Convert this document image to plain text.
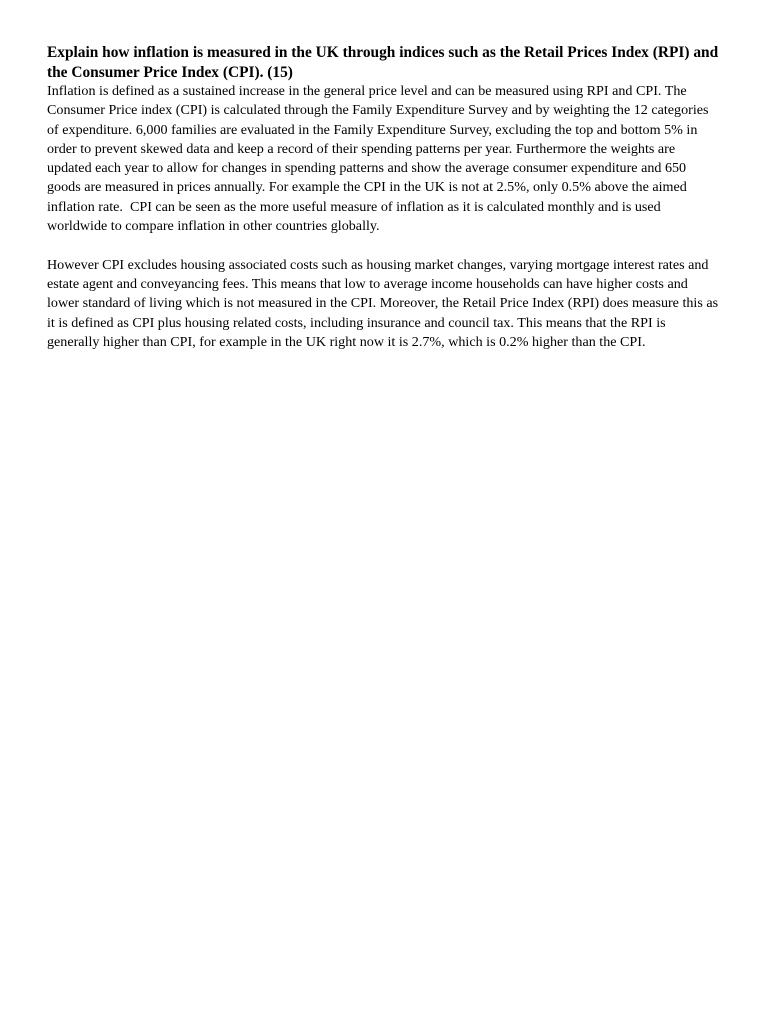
Explain how inflation is measured in the UK through indices such as the Retail Prices Index (RPI) and the Consumer Price Index (CPI). (15)

Inflation is defined as a sustained increase in the general price level and can be measured using RPI and CPI. The Consumer Price index (CPI) is calculated through the Family Expenditure Survey and by weighting the 12 categories of expenditure. 6,000 families are evaluated in the Family Expenditure Survey, excluding the top and bottom 5% in order to prevent skewed data and keep a record of their spending patterns per year. Furthermore the weights are updated each year to allow for changes in spending patterns and show the average consumer expenditure and 650 goods are measured in prices annually. For example the CPI in the UK is not at 2.5%, only 0.5% above the aimed inflation rate.  CPI can be seen as the more useful measure of inflation as it is calculated monthly and is used worldwide to compare inflation in other countries globally.

However CPI excludes housing associated costs such as housing market changes, varying mortgage interest rates and estate agent and conveyancing fees. This means that low to average income households can have higher costs and lower standard of living which is not measured in the CPI. Moreover, the Retail Price Index (RPI) does measure this as it is defined as CPI plus housing related costs, including insurance and council tax. This means that the RPI is generally higher than CPI, for example in the UK right now it is 2.7%, which is 0.2% higher than the CPI.
